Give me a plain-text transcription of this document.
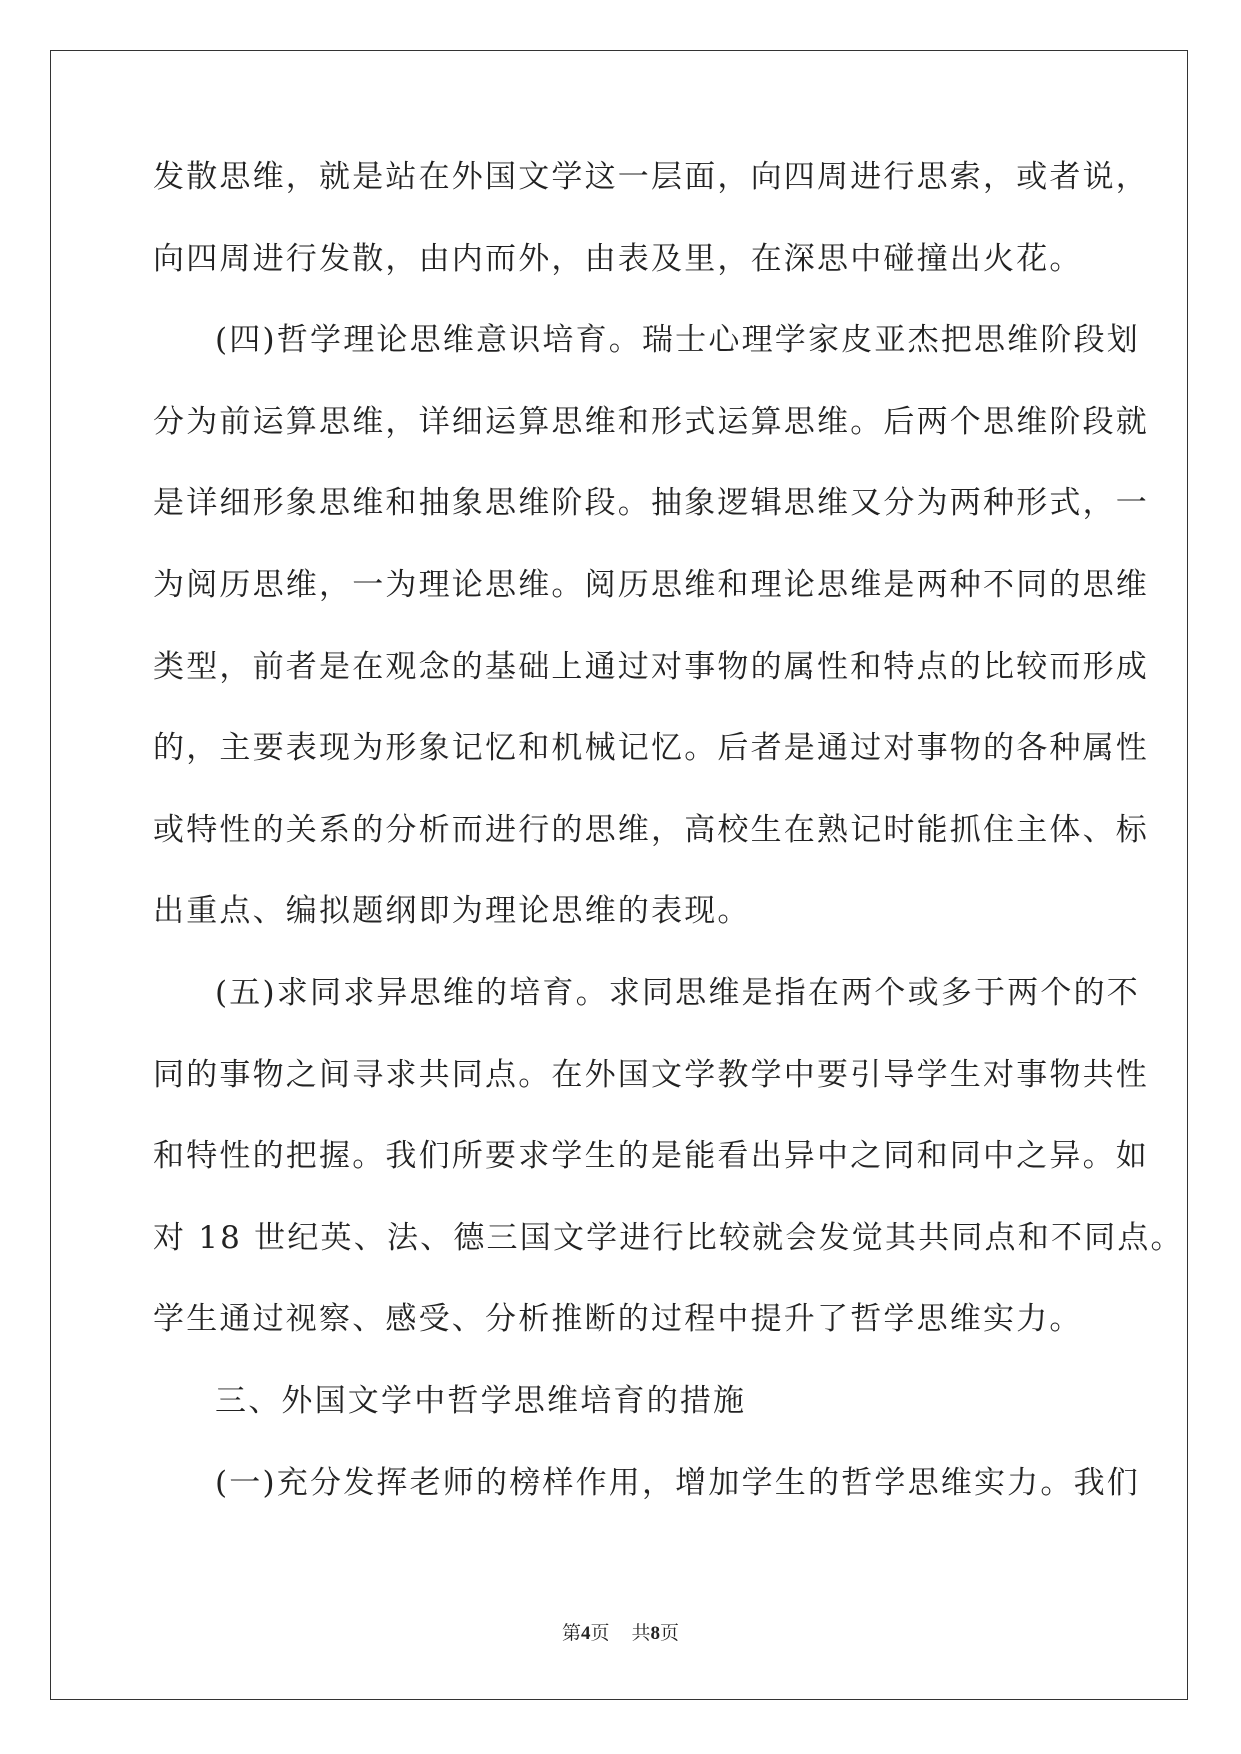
发散思维，就是站在外国文学这一层面，向四周进行思索，或者说，
向四周进行发散，由内而外，由表及里，在深思中碰撞出火花。
(四)哲学理论思维意识培育。瑞士心理学家皮亚杰把思维阶段划
分为前运算思维，详细运算思维和形式运算思维。后两个思维阶段就
是详细形象思维和抽象思维阶段。抽象逻辑思维又分为两种形式，一
为阅历思维，一为理论思维。阅历思维和理论思维是两种不同的思维
类型，前者是在观念的基础上通过对事物的属性和特点的比较而形成
的，主要表现为形象记忆和机械记忆。后者是通过对事物的各种属性
或特性的关系的分析而进行的思维，高校生在熟记时能抓住主体、标
出重点、编拟题纲即为理论思维的表现。
(五)求同求异思维的培育。求同思维是指在两个或多于两个的不
同的事物之间寻求共同点。在外国文学教学中要引导学生对事物共性
和特性的把握。我们所要求学生的是能看出异中之同和同中之异。如
对 18 世纪英、法、德三国文学进行比较就会发觉其共同点和不同点。
学生通过视察、感受、分析推断的过程中提升了哲学思维实力。
三、外国文学中哲学思维培育的措施
(一)充分发挥老师的榜样作用，增加学生的哲学思维实力。我们
第4页 共8页
